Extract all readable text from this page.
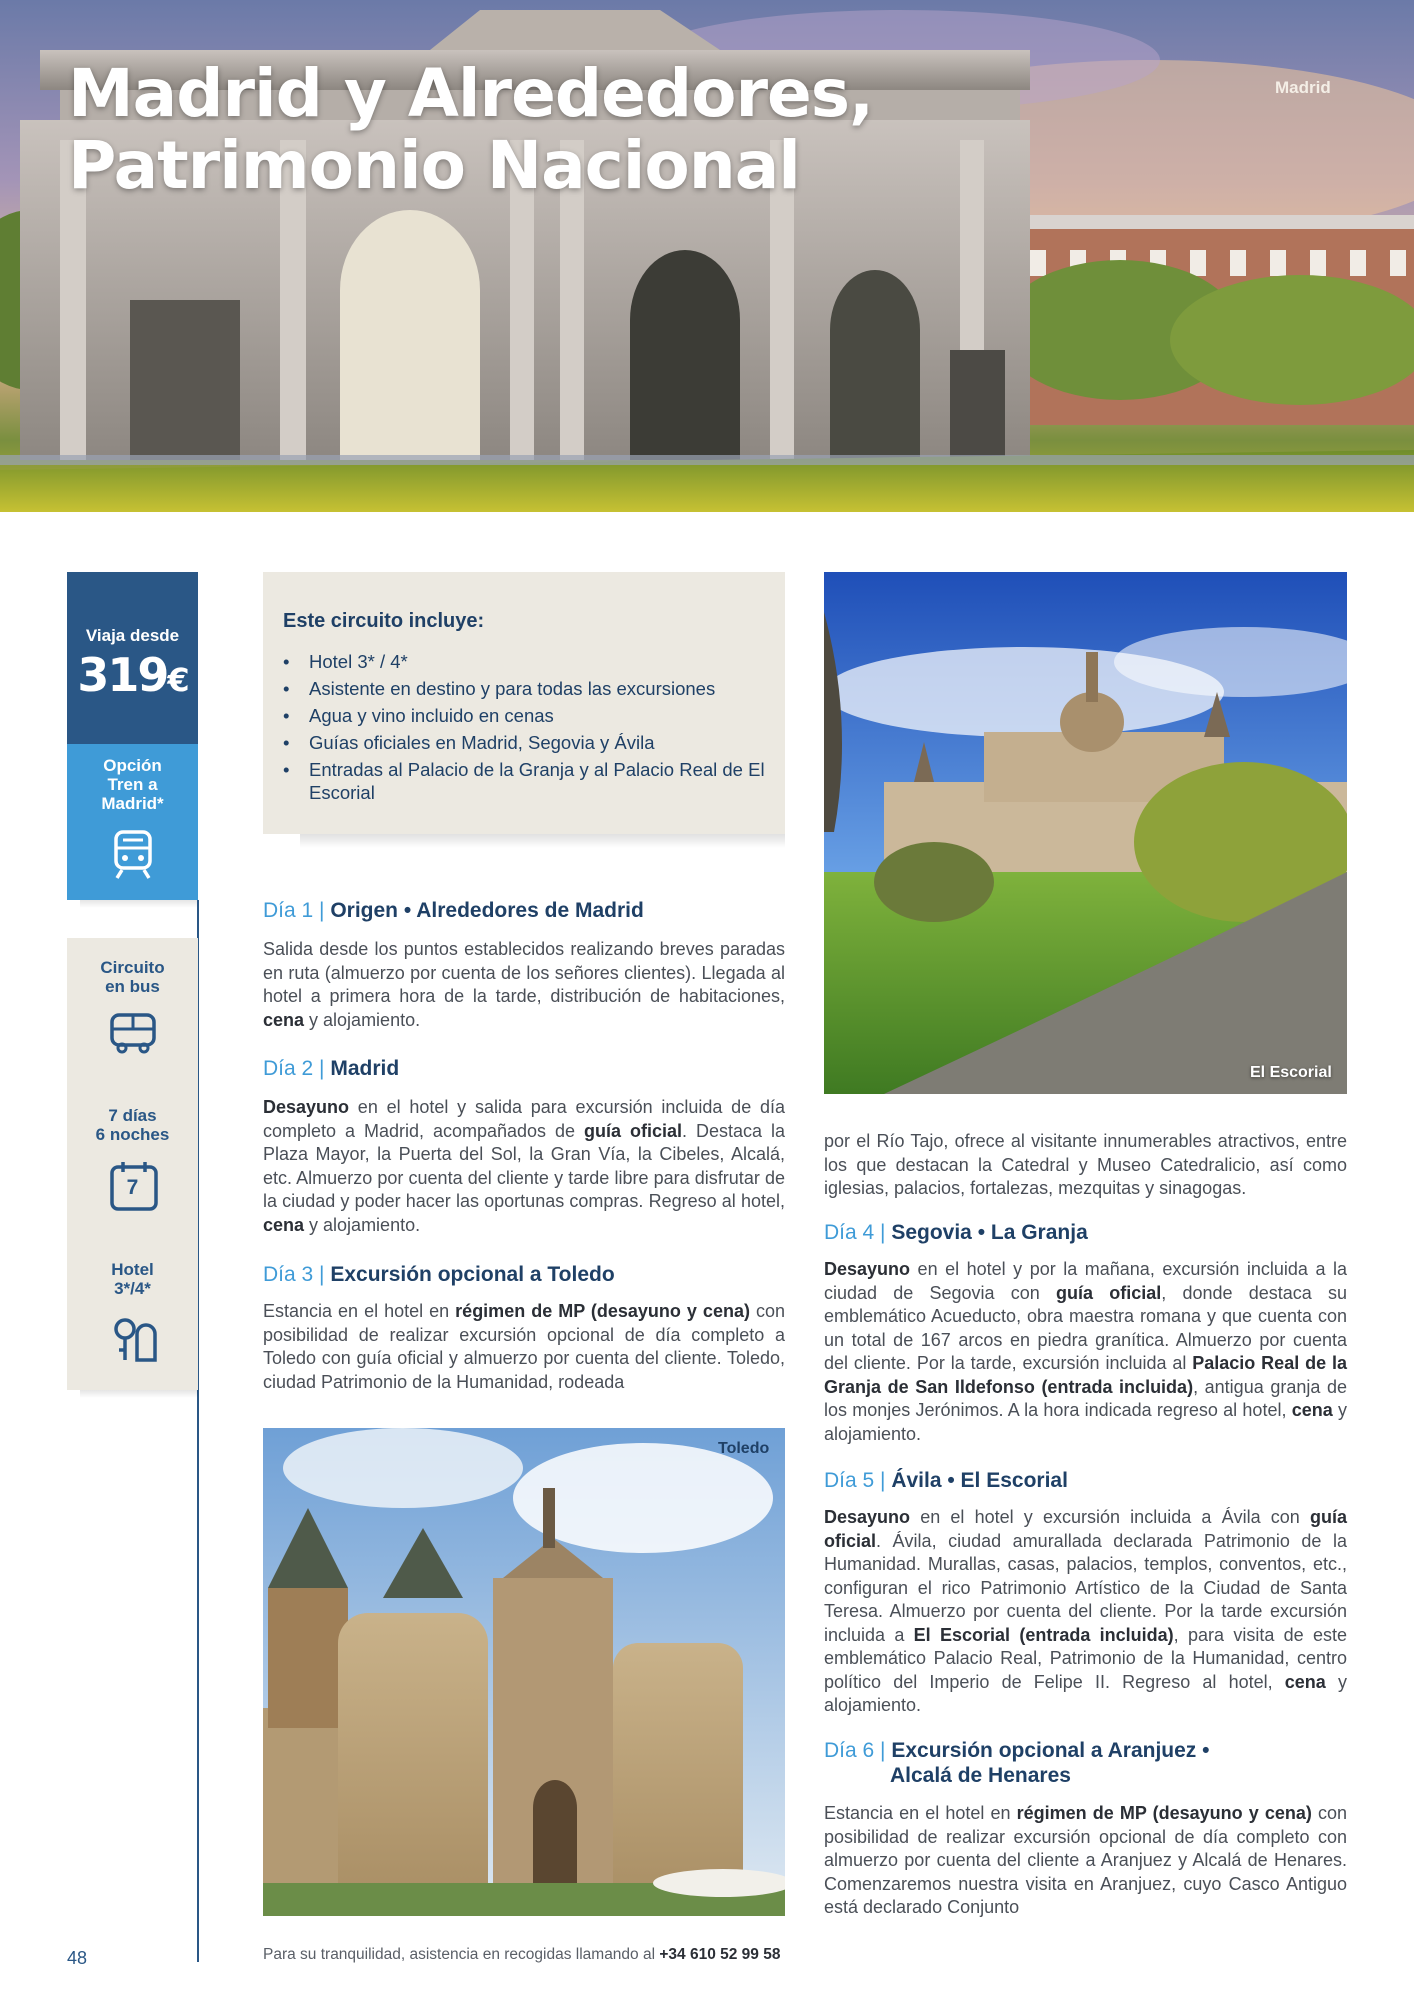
Madrid y Alrededores,
Patrimonio Nacional
Madrid
Viaja desde
319€
Opción
Tren a
Madrid*
Circuito
en bus
7 días
6 noches
7
Hotel
3*/4*
Este circuito incluye:
• Hotel 3* / 4*
• Asistente en destino y para todas las excursiones
• Agua y vino incluido en cenas
• Guías oficiales en Madrid, Segovia y Ávila
• Entradas al Palacio de la Granja y al Palacio Real de El Escorial
Día 1 | Origen • Alrededores de Madrid
Salida desde los puntos establecidos realizando breves paradas en ruta (almuerzo por cuenta de los señores clientes). Llegada al hotel a primera hora de la tarde, distribución de habitaciones, cena y alojamiento.
Día 2 | Madrid
Desayuno en el hotel y salida para excursión incluida de día completo a Madrid, acompañados de guía oficial. Destaca la Plaza Mayor, la Puerta del Sol, la Gran Vía, la Cibeles, Alcalá, etc. Almuerzo por cuenta del cliente y tarde libre para disfrutar de la ciudad y poder hacer las oportunas compras. Regreso al hotel, cena y alojamiento.
Día 3 | Excursión opcional a Toledo
Estancia en el hotel en régimen de MP (desayuno y cena) con posibilidad de realizar excursión opcional de día completo a Toledo con guía oficial y almuerzo por cuenta del cliente. Toledo, ciudad Patrimonio de la Humanidad, rodeada
Toledo
El Escorial
por el Río Tajo, ofrece al visitante innumerables atractivos, entre los que destacan la Catedral y Museo Catedralicio, así como iglesias, palacios, fortalezas, mezquitas y sinagogas.
Día 4 | Segovia • La Granja
Desayuno en el hotel y por la mañana, excursión incluida a la ciudad de Segovia con guía oficial, donde destaca su emblemático Acueducto, obra maestra romana y que cuenta con un total de 167 arcos en piedra granítica. Almuerzo por cuenta del cliente. Por la tarde, excursión incluida al Palacio Real de la Granja de San Ildefonso (entrada incluida), antigua granja de los monjes Jerónimos. A la hora indicada regreso al hotel, cena y alojamiento.
Día 5 | Ávila • El Escorial
Desayuno en el hotel y excursión incluida a Ávila con guía oficial. Ávila, ciudad amurallada declarada Patrimonio de la Humanidad. Murallas, casas, palacios, templos, conventos, etc., configuran el rico Patrimonio Artístico de la Ciudad de Santa Teresa. Almuerzo por cuenta del cliente. Por la tarde excursión incluida a El Escorial (entrada incluida), para visita de este emblemático Palacio Real, Patrimonio de la Humanidad, centro político del Imperio de Felipe II. Regreso al hotel, cena y alojamiento.
Día 6 | Excursión opcional a Aranjuez •
Alcalá de Henares
Estancia en el hotel en régimen de MP (desayuno y cena) con posibilidad de realizar excursión opcional de día completo con almuerzo por cuenta del cliente a Aranjuez y Alcalá de Henares. Comenzaremos nuestra visita en Aranjuez, cuyo Casco Antiguo está declarado Conjunto
48	Para su tranquilidad, asistencia en recogidas llamando al +34 610 52 99 58
